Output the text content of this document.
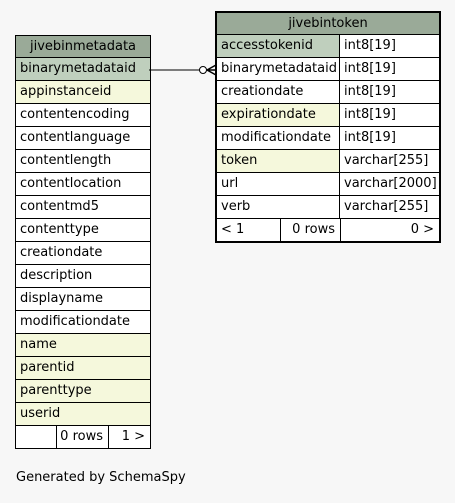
jivebinmetadata
binarymetadataid
appinstanceid
contentencoding
contentlanguage
contentlength
contentlocation
contentmd5
contenttype
creationdate
description
displayname
modificationdate
name
parentid
parenttype
userid
0 rows	1 >
jivebintoken
accesstokenid	int8[19]
binarymetadataid int8[19]
creationdate	int8[19]
expirationdate	int8[19]
modificationdate	int8[19]
token	varchar[255]
url	varchar[2000]
verb	varchar[255]
< 1	0 rows	0 >
Generated by SchemaSpy
